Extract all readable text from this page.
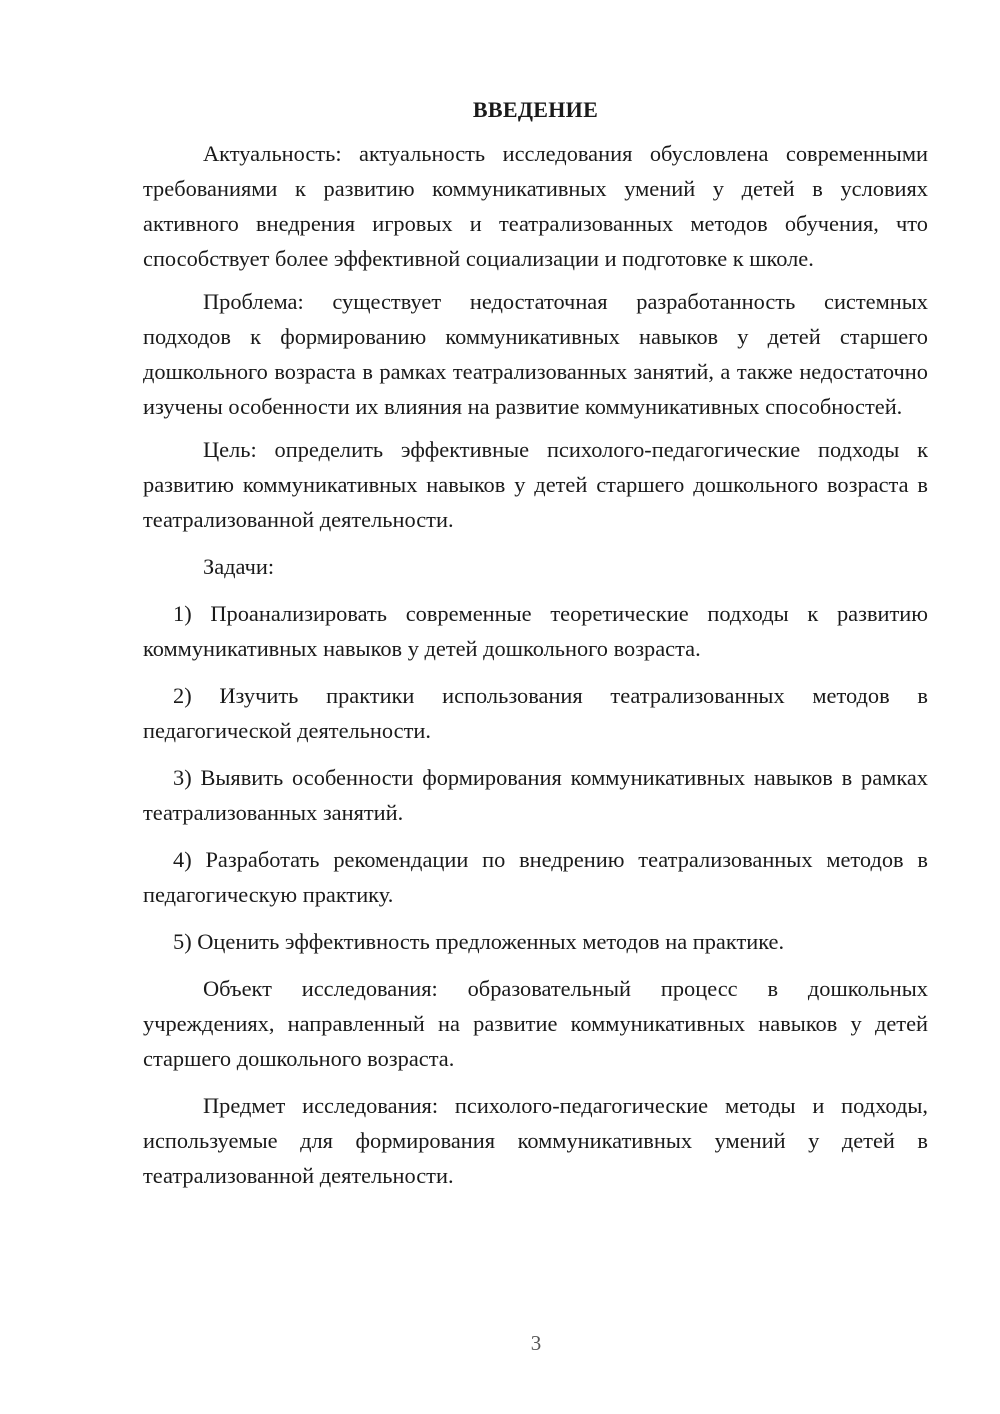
ВВЕДЕНИЕ

Актуальность: актуальность исследования обусловлена современными требованиями к развитию коммуникативных умений у детей в условиях активного внедрения игровых и театрализованных методов обучения, что способствует более эффективной социализации и подготовке к школе.

Проблема: существует недостаточная разработанность системных подходов к формированию коммуникативных навыков у детей старшего дошкольного возраста в рамках театрализованных занятий, а также недостаточно изучены особенности их влияния на развитие коммуникативных способностей.

Цель: определить эффективные психолого-педагогические подходы к развитию коммуникативных навыков у детей старшего дошкольного возраста в театрализованной деятельности.

Задачи:

1) Проанализировать современные теоретические подходы к развитию коммуникативных навыков у детей дошкольного возраста.

2) Изучить практики использования театрализованных методов в педагогической деятельности.

3) Выявить особенности формирования коммуникативных навыков в рамках театрализованных занятий.

4) Разработать рекомендации по внедрению театрализованных методов в педагогическую практику.

5) Оценить эффективность предложенных методов на практике.

Объект исследования: образовательный процесс в дошкольных учреждениях, направленный на развитие коммуникативных навыков у детей старшего дошкольного возраста.

Предмет исследования: психолого-педагогические методы и подходы, используемые для формирования коммуникативных умений у детей в театрализованной деятельности.

3
